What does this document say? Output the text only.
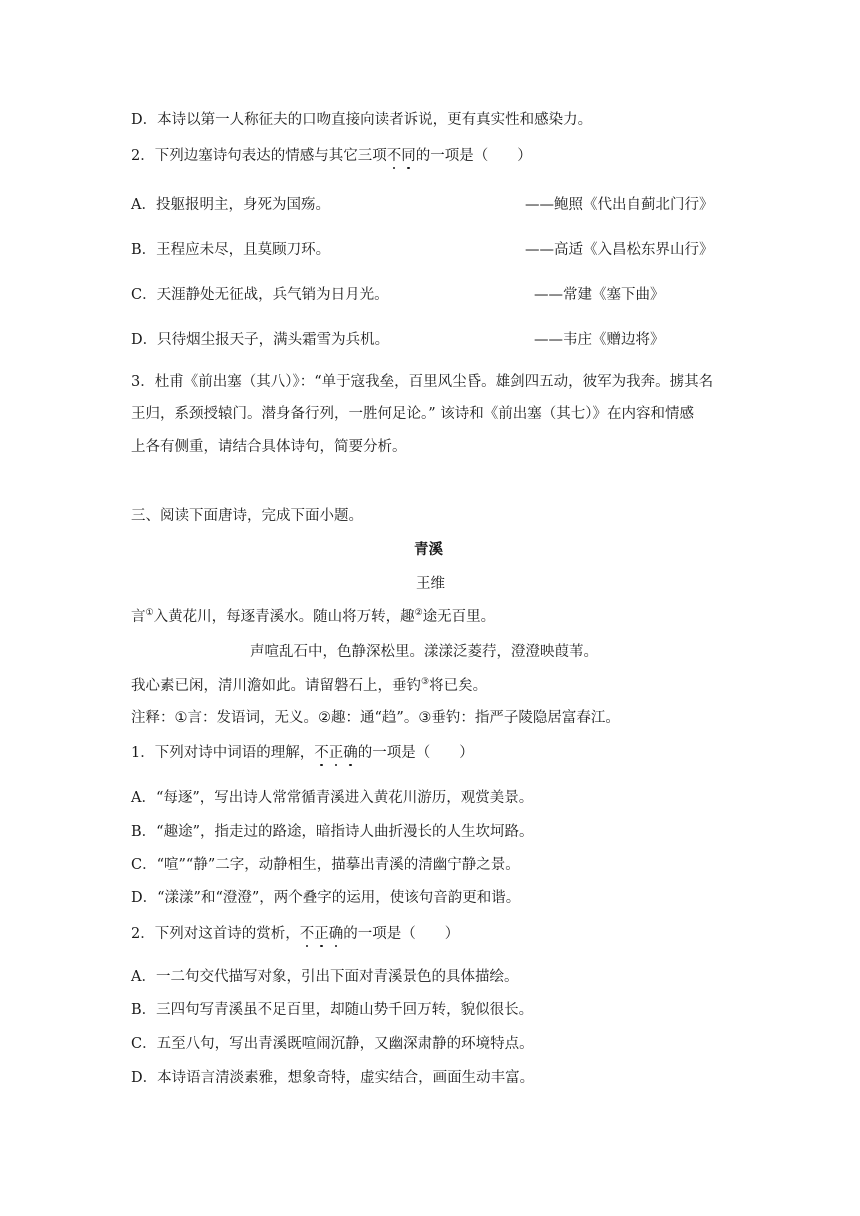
D．本诗以第一人称征夫的口吻直接向读者诉说，更有真实性和感染力。
2．下列边塞诗句表达的情感与其它三项不同的一项是（　　）
A．投躯报明主，身死为国殇。	——鲍照《代出自蓟北门行》
B．王程应未尽，且莫顾刀环。	——高适《入昌松东界山行》
C．天涯静处无征战，兵气销为日月光。	——常建《塞下曲》
D．只待烟尘报天子，满头霜雪为兵机。	——韦庄《赠边将》
3．杜甫《前出塞（其八）》：“单于寇我垒，百里风尘昏。雄剑四五动，彼军为我奔。掳其名
王归，系颈授辕门。潜身备行列，一胜何足论。” 该诗和《前出塞（其七）》在内容和情感
上各有侧重，请结合具体诗句，简要分析。
三、阅读下面唐诗，完成下面小题。
青溪
王维
言①入黄花川，每逐青溪水。随山将万转，趣②途无百里。
声喧乱石中，色静深松里。漾漾泛菱荇，澄澄映葭苇。
我心素已闲，清川澹如此。请留磐石上，垂钓③将已矣。
注释：①言：发语词，无义。②趣：通“趋”。③垂钓：指严子陵隐居富春江。
1．下列对诗中词语的理解，不正确的一项是（　　）
A．“每逐”，写出诗人常常循青溪进入黄花川游历，观赏美景。
B．“趣途”，指走过的路途，暗指诗人曲折漫长的人生坎坷路。
C．“喧”“静”二字，动静相生，描摹出青溪的清幽宁静之景。
D．“漾漾”和“澄澄”，两个叠字的运用，使该句音韵更和谐。
2．下列对这首诗的赏析，不正确的一项是（　　）
A．一二句交代描写对象，引出下面对青溪景色的具体描绘。
B．三四句写青溪虽不足百里，却随山势千回万转，貌似很长。
C．五至八句，写出青溪既喧闹沉静，又幽深肃静的环境特点。
D．本诗语言清淡素雅，想象奇特，虚实结合，画面生动丰富。
